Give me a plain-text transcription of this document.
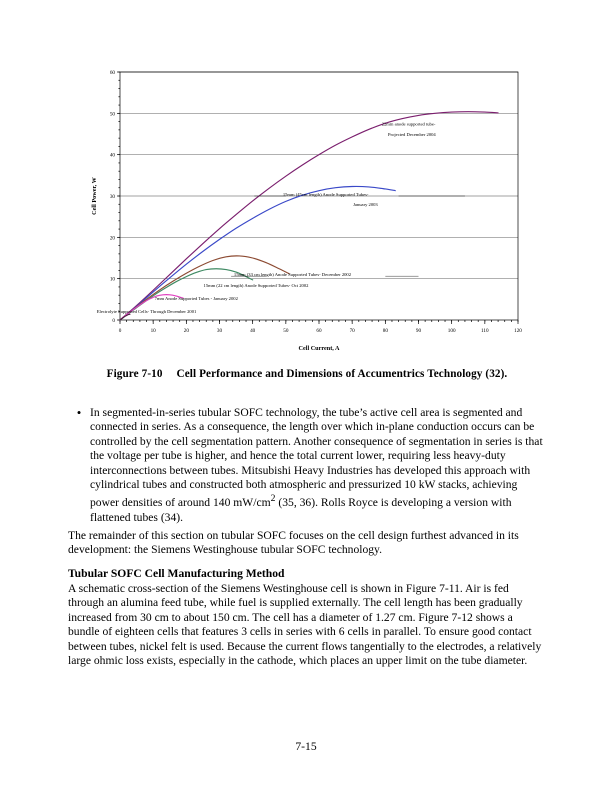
0
10
20
30
40
50
60
0	10	20	30	40	50	60	70	80	90	100	110	120
22mm anode supported tube-
Projected December 2004
15mm (45cm length) Anode Supported Tubes-
January 2003
15mm (33 cm length) Anode Supported Tubes- December 2002
15mm (22 cm length) Anode Supported Tubes- Oct 2002
7mm Anode Supported Tubes - January 2002
Electrolyte Supported Cells- Through December 2001
Cell Current, A
Cell Power, W
Figure 7-10 Cell Performance and Dimensions of Accumentrics Technology (32).
• In segmented-in-series tubular SOFC technology, the tube’s active cell area is segmented and connected in series. As a consequence, the length over which in-plane conduction occurs can be controlled by the cell segmentation pattern. Another consequence of segmentation in series is that the voltage per tube is higher, and hence the total current lower, requiring less heavy-duty interconnections between tubes. Mitsubishi Heavy Industries has developed this approach with cylindrical tubes and constructed both atmospheric and pressurized 10 kW stacks, achieving power densities of around 140 $mW/cm^2$ (35, 36). Rolls Royce is developing a version with flattened tubes (34).
The remainder of this section on tubular SOFC focuses on the cell design furthest advanced in its development: the Siemens Westinghouse tubular SOFC technology.
Tubular SOFC Cell Manufacturing Method
A schematic cross-section of the Siemens Westinghouse cell is shown in Figure 7-11. Air is fed through an alumina feed tube, while fuel is supplied externally. The cell length has been gradually increased from 30 cm to about 150 cm. The cell has a diameter of 1.27 cm. Figure 7-12 shows a bundle of eighteen cells that features 3 cells in series with 6 cells in parallel. To ensure good contact between tubes, nickel felt is used. Because the current flows tangentially to the electrodes, a relatively large ohmic loss exists, especially in the cathode, which places an upper limit on the tube diameter.
7-15
